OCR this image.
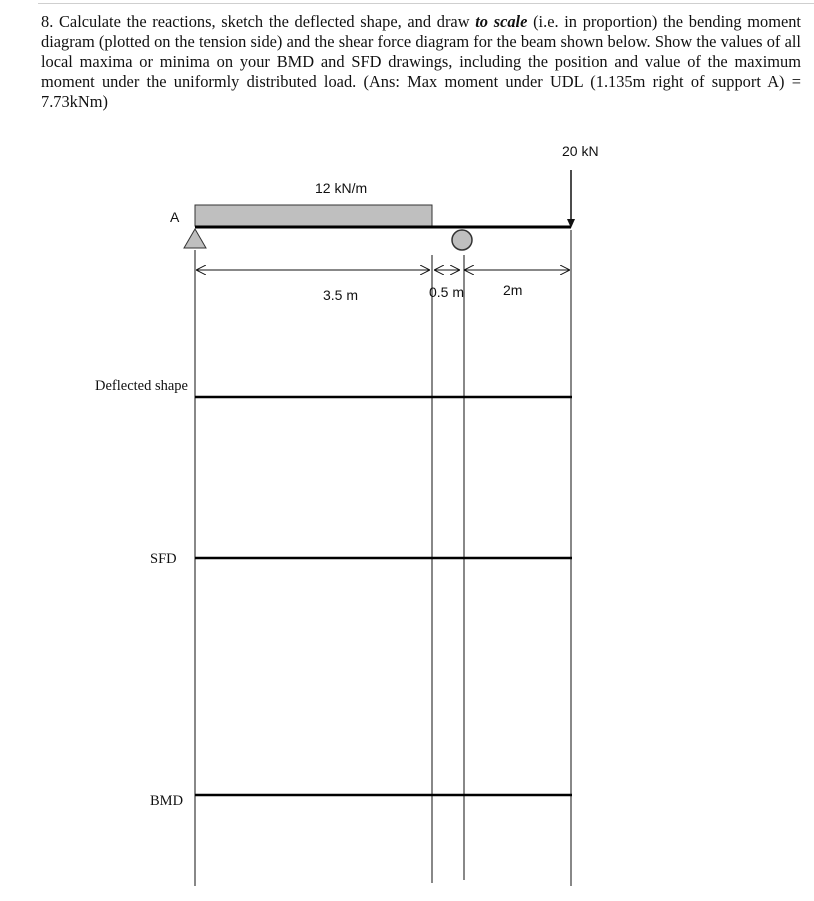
8. Calculate the reactions, sketch the deflected shape, and draw to scale (i.e. in proportion) the bending moment diagram (plotted on the tension side) and the shear force diagram for the beam shown below. Show the values of all local maxima or minima on your BMD and SFD drawings, including the position and value of the maximum moment under the uniformly distributed load. (Ans: Max moment under UDL (1.135m right of support A) = 7.73kNm)

12 kN/m
A
20 kN
3.5 m	0.5 m	2m
Deflected shape
SFD
BMD
